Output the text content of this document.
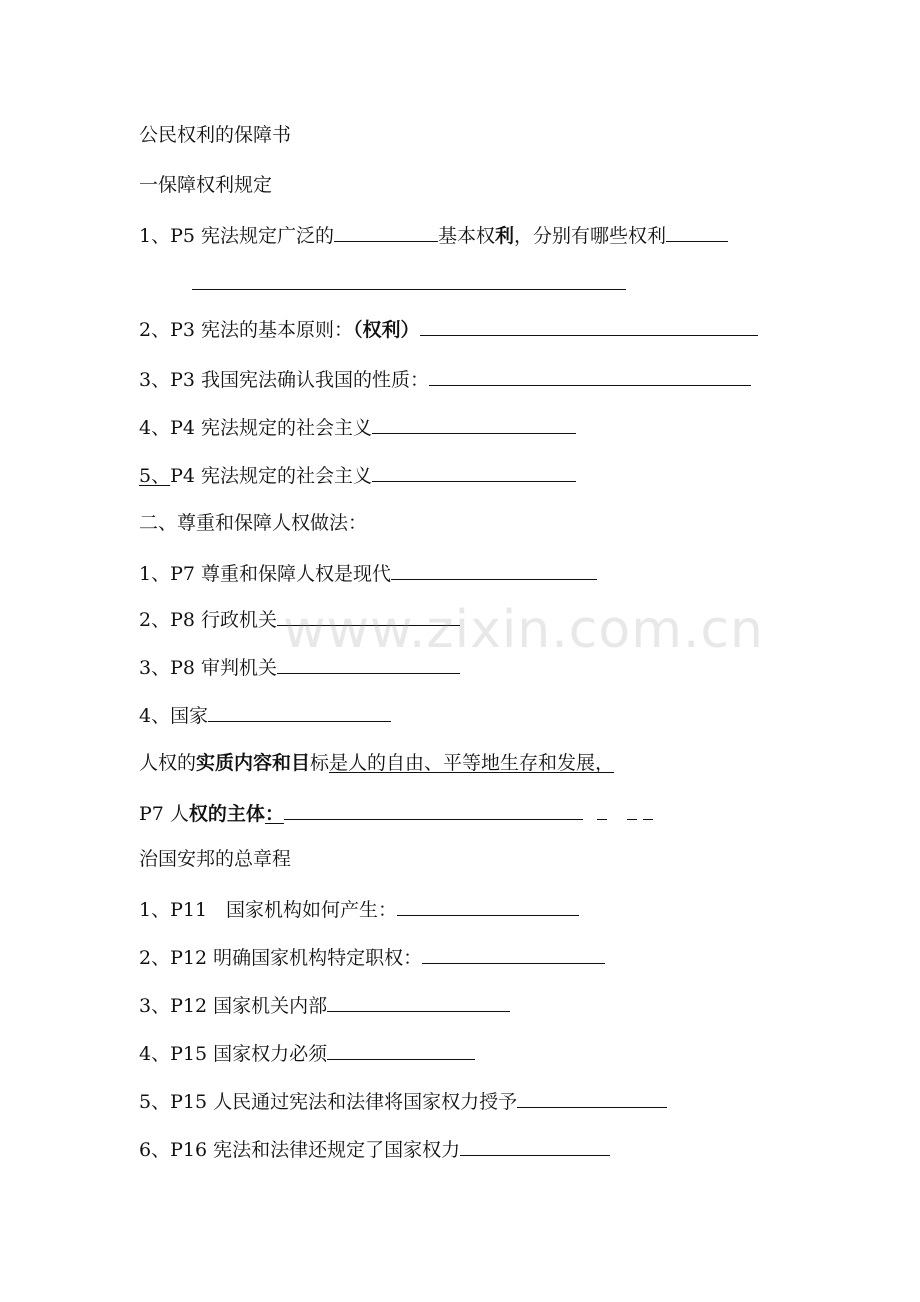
公民权利的保障书
一保障权利规定
1、P5 宪法规定广泛的	基本权利，分别有哪些权利
2、P3 宪法的基本原则：（权利）
3、P3 我国宪法确认我国的性质：
4、P4 宪法规定的社会主义
5、P4 宪法规定的社会主义
二、尊重和保障人权做法：
1、P7 尊重和保障人权是现代
2、P8 行政机关
3、P8 审判机关
4、国家
人权的实质内容和目标是人的自由、平等地生存和发展，
P7 人权的主体：
治国安邦的总章程
1、P11　国家机构如何产生：
2、P12 明确国家机构特定职权：
3、P12 国家机关内部
4、P15 国家权力必须
5、P15 人民通过宪法和法律将国家权力授予
6、P16 宪法和法律还规定了国家权力
www.zixin.com.cn
